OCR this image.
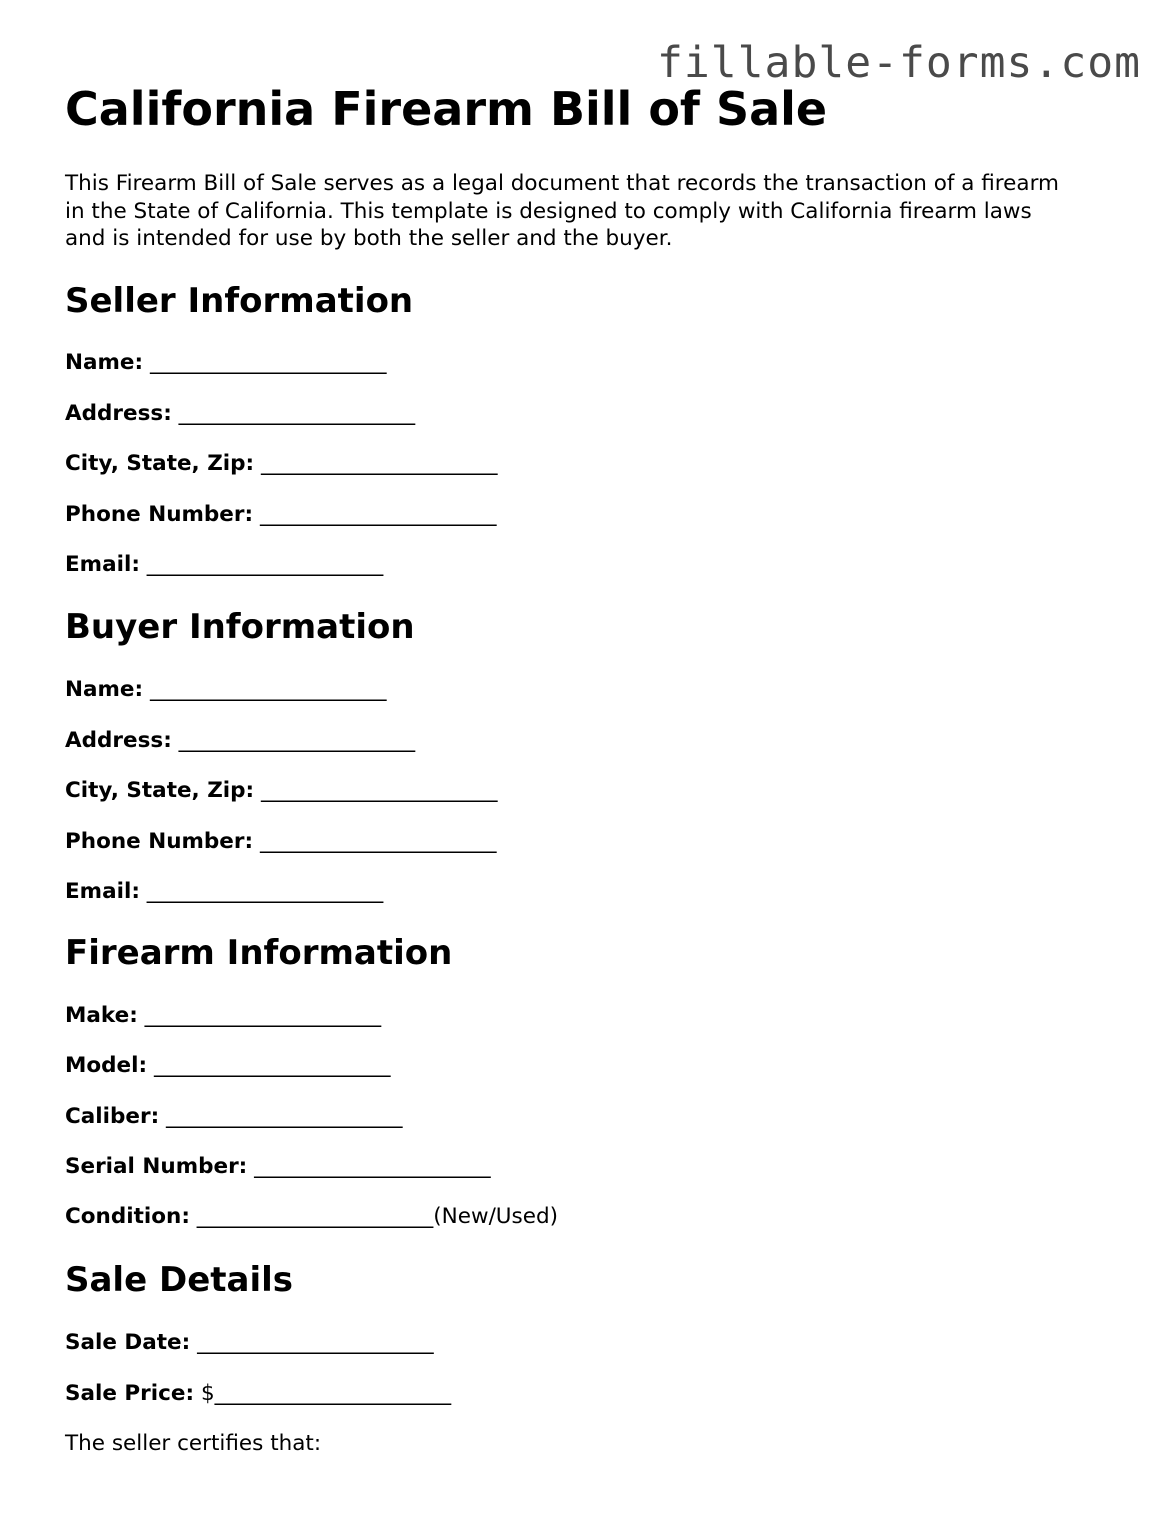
fillable-forms.com
California Firearm Bill of Sale

This Firearm Bill of Sale serves as a legal document that records the transaction of a firearm in the State of California. This template is designed to comply with California firearm laws and is intended for use by both the seller and the buyer.

Seller Information
Name: ______________________
Address: ______________________
City, State, Zip: ______________________
Phone Number: ______________________
Email: ______________________
Buyer Information
Name: ______________________
Address: ______________________
City, State, Zip: ______________________
Phone Number: ______________________
Email: ______________________
Firearm Information
Make: ______________________
Model: ______________________
Caliber: ______________________
Serial Number: ______________________
Condition: ______________________(New/Used)
Sale Details
Sale Date: ______________________
Sale Price: $______________________
The seller certifies that:
